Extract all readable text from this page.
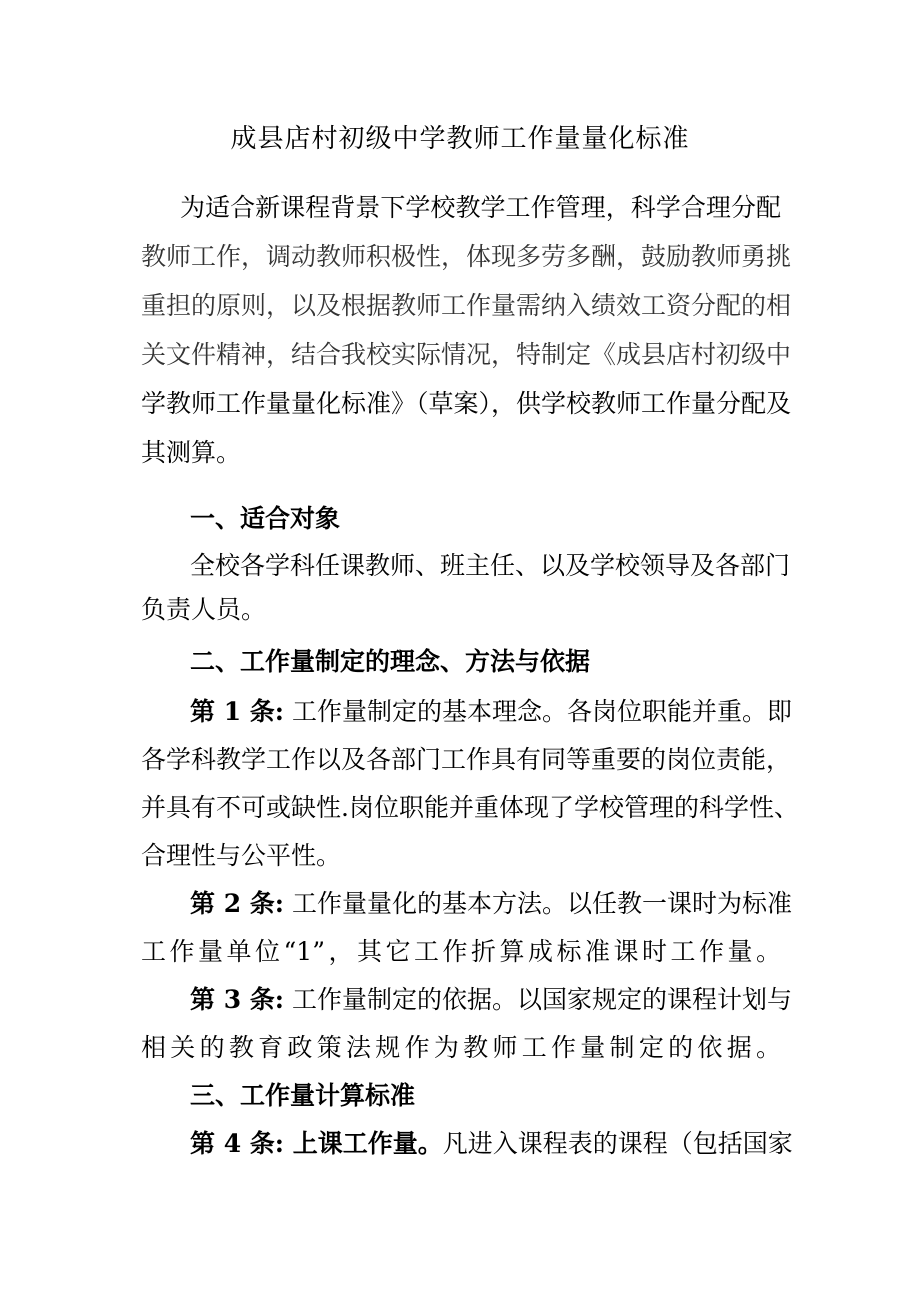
成县店村初级中学教师工作量量化标准
为适合新课程背景下学校教学工作管理，科学合理分配
教师工作，调动教师积极性，体现多劳多酬，鼓励教师勇挑
重担的原则，以及根据教师工作量需纳入绩效工资分配的相
关文件精神，结合我校实际情况，特制定《成县店村初级中
学教师工作量量化标准》（草案），供学校教师工作量分配及
其测算。
一、适合对象
全校各学科任课教师、班主任、以及学校领导及各部门
负责人员。
二、工作量制定的理念、方法与依据
第 1 条: 工作量制定的基本理念。各岗位职能并重。即
各学科教学工作以及各部门工作具有同等重要的岗位责能，
并具有不可或缺性.岗位职能并重体现了学校管理的科学性、
合理性与公平性。
第 2 条: 工作量量化的基本方法。以任教一课时为标准
工作量单位“1”，其它工作折算成标准课时工作量。
第 3 条: 工作量制定的依据。以国家规定的课程计划与
相关的教育政策法规作为教师工作量制定的依据。
三、工作量计算标准
第 4 条: 上课工作量。凡进入课程表的课程（包括国家
